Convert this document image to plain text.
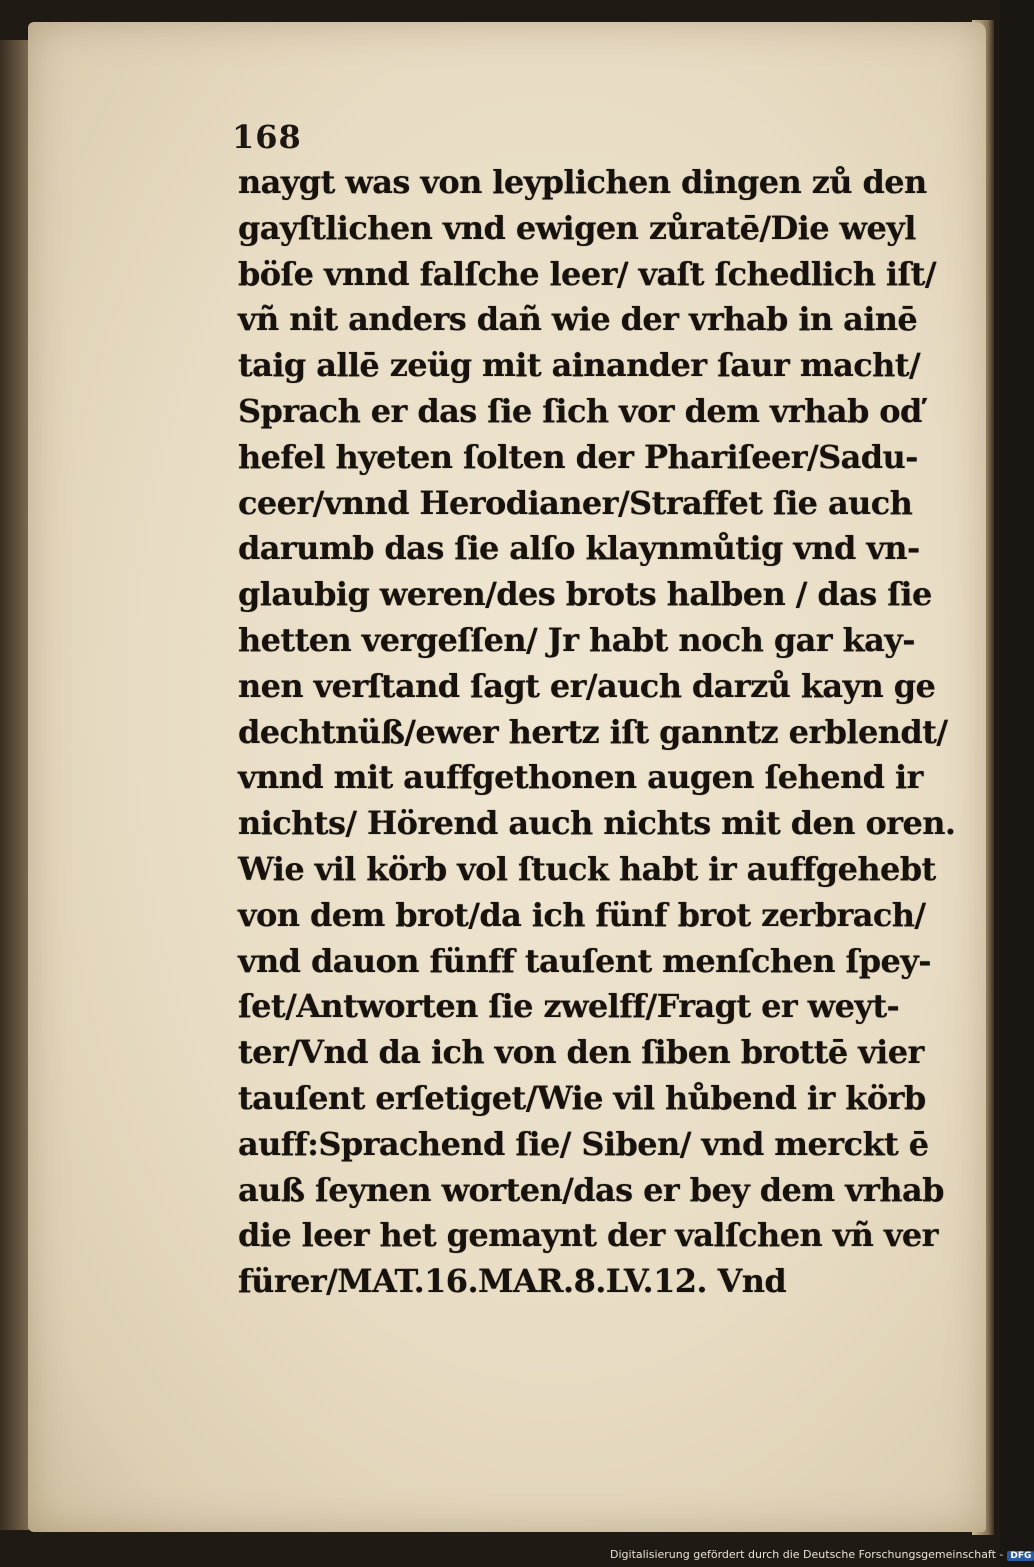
168
naygt was von leyplichen dingen zů den
gayſtlichen vnd ewigen zůratē/Die weyl
böſe vnnd falſche leer/ vaſt ſchedlich iſt/
vñ nit anders dañ wie der vrhab in ainē
taig allē zeüg mit ainander ſaur macht/
Sprach er das ſie ſich vor dem vrhab oď
hefel hyeten ſolten der Phariſeer/Sadu-
ceer/vnnd Herodianer/Straffet ſie auch
darumb das ſie alſo klaynmůtig vnd vn-
glaubig weren/des brots halben / das ſie
hetten vergeſſen/ Jr habt noch gar kay-
nen verſtand ſagt er/auch darzů kayn ge
dechtnüß/ewer hertz iſt ganntz erblendt/
vnnd mit auffgethonen augen ſehend ir
nichts/ Hörend auch nichts mit den oren.
Wie vil körb vol ſtuck habt ir auffgehebt
von dem brot/da ich fünf brot zerbrach/
vnd dauon fünff tauſent menſchen ſpey-
ſet/Antworten ſie zwelff/Fragt er weyt-
ter/Vnd da ich von den ſiben brottē vier
tauſent erſetiget/Wie vil hůbend ir körb
auff:Sprachend ſie/ Siben/ vnd merckt ē
auß ſeynen worten/das er bey dem vrhab
die leer het gemaynt der valſchen vñ ver
fürer/MAT.16.MAR.8.LV.12. Vnd
Digitalisierung gefördert durch die Deutsche Forschungsgemeinschaft - DFG
